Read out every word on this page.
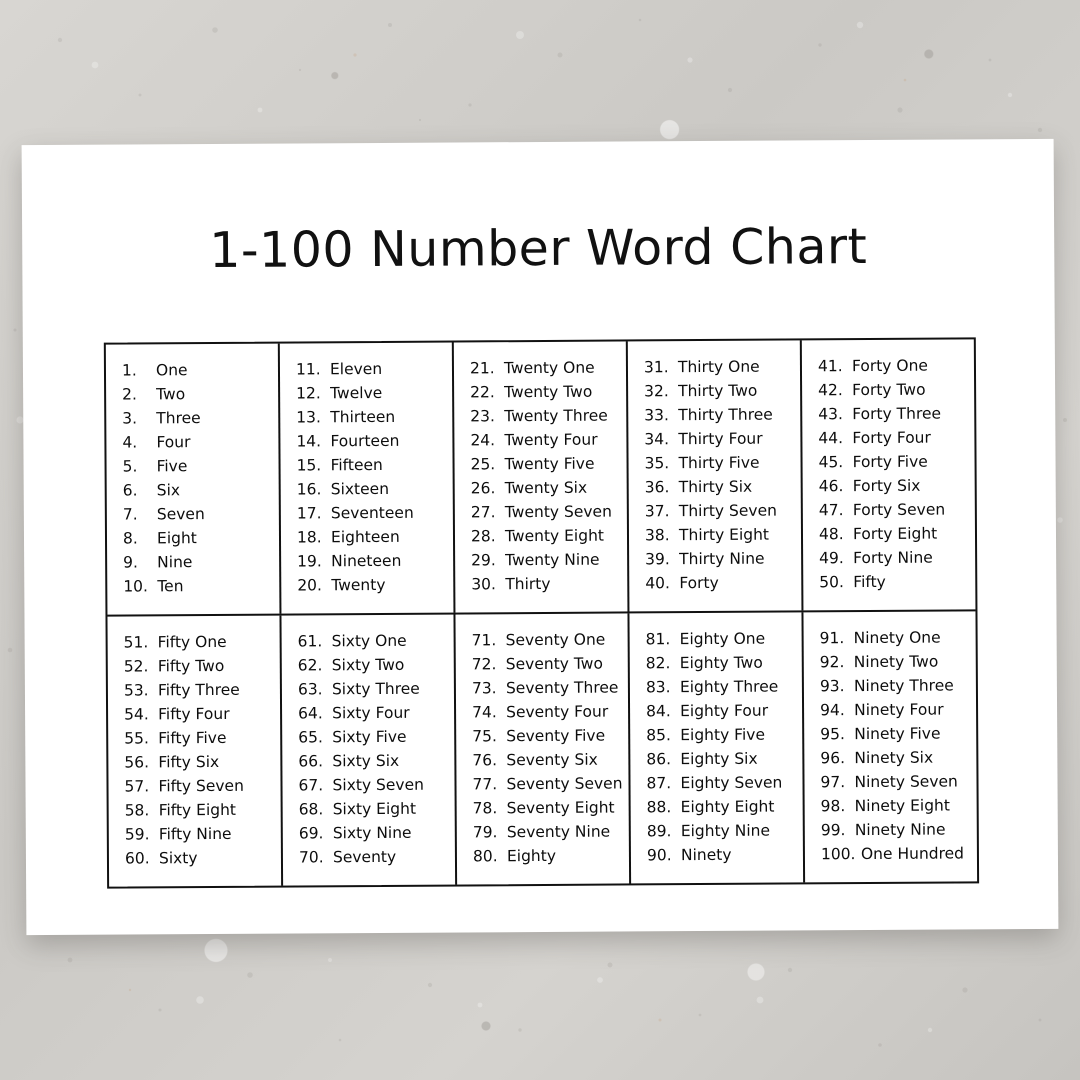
1-100 Number Word Chart
1.	One
2.	Two
3.	Three
4.	Four
5.	Five
6.	Six
7.	Seven
8.	Eight
9.	Nine
10. Ten
11. Eleven
12. Twelve
13. Thirteen
14. Fourteen
15. Fifteen
16. Sixteen
17. Seventeen
18. Eighteen
19. Nineteen
20. Twenty
21. Twenty One
22. Twenty Two
23. Twenty Three
24. Twenty Four
25. Twenty Five
26. Twenty Six
27. Twenty Seven
28. Twenty Eight
29. Twenty Nine
30. Thirty
31. Thirty One
32. Thirty Two
33. Thirty Three
34. Thirty Four
35. Thirty Five
36. Thirty Six
37. Thirty Seven
38. Thirty Eight
39. Thirty Nine
40. Forty
41. Forty One
42. Forty Two
43. Forty Three
44. Forty Four
45. Forty Five
46. Forty Six
47. Forty Seven
48. Forty Eight
49. Forty Nine
50. Fifty
51. Fifty One
52. Fifty Two
53. Fifty Three
54. Fifty Four
55. Fifty Five
56. Fifty Six
57. Fifty Seven
58. Fifty Eight
59. Fifty Nine
60. Sixty
61. Sixty One
62. Sixty Two
63. Sixty Three
64. Sixty Four
65. Sixty Five
66. Sixty Six
67. Sixty Seven
68. Sixty Eight
69. Sixty Nine
70. Seventy
71. Seventy One
72. Seventy Two
73. Seventy Three
74. Seventy Four
75. Seventy Five
76. Seventy Six
77. Seventy Seven
78. Seventy Eight
79. Seventy Nine
80. Eighty
81. Eighty One
82. Eighty Two
83. Eighty Three
84. Eighty Four
85. Eighty Five
86. Eighty Six
87. Eighty Seven
88. Eighty Eight
89. Eighty Nine
90. Ninety
91. Ninety One
92. Ninety Two
93. Ninety Three
94. Ninety Four
95. Ninety Five
96. Ninety Six
97. Ninety Seven
98. Ninety Eight
99. Ninety Nine
100. One Hundred
